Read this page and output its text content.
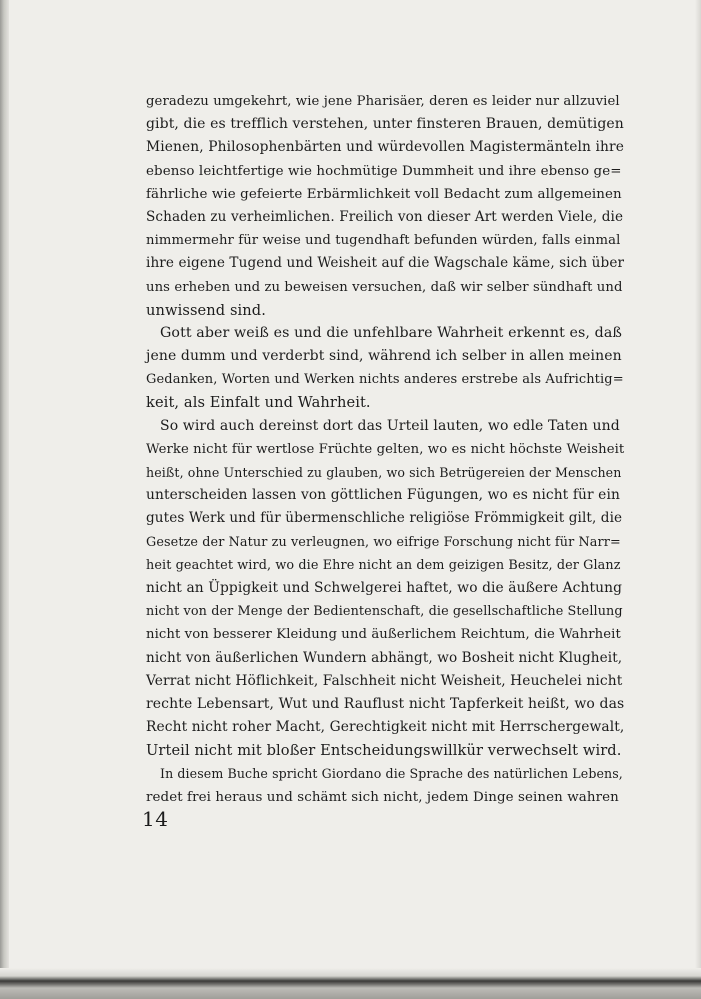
geradezu umgekehrt, wie jene Pharisäer, deren es leider nur allzuviel
gibt, die es trefflich verstehen, unter finsteren Brauen, demütigen
Mienen, Philosophenbärten und würdevollen Magistermänteln ihre
ebenso leichtfertige wie hochmütige Dummheit und ihre ebenso ge=
fährliche wie gefeierte Erbärmlichkeit voll Bedacht zum allgemeinen
Schaden zu verheimlichen. Freilich von dieser Art werden Viele, die
nimmermehr für weise und tugendhaft befunden würden, falls einmal
ihre eigene Tugend und Weisheit auf die Wagschale käme, sich über
uns erheben und zu beweisen versuchen, daß wir selber sündhaft und
unwissend sind.
Gott aber weiß es und die unfehlbare Wahrheit erkennt es, daß
jene dumm und verderbt sind, während ich selber in allen meinen
Gedanken, Worten und Werken nichts anderes erstrebe als Aufrichtig=
keit, als Einfalt und Wahrheit.
So wird auch dereinst dort das Urteil lauten, wo edle Taten und
Werke nicht für wertlose Früchte gelten, wo es nicht höchste Weisheit
heißt, ohne Unterschied zu glauben, wo sich Betrügereien der Menschen
unterscheiden lassen von göttlichen Fügungen, wo es nicht für ein
gutes Werk und für übermenschliche religiöse Frömmigkeit gilt, die
Gesetze der Natur zu verleugnen, wo eifrige Forschung nicht für Narr=
heit geachtet wird, wo die Ehre nicht an dem geizigen Besitz, der Glanz
nicht an Üppigkeit und Schwelgerei haftet, wo die äußere Achtung
nicht von der Menge der Bedientenschaft, die gesellschaftliche Stellung
nicht von besserer Kleidung und äußerlichem Reichtum, die Wahrheit
nicht von äußerlichen Wundern abhängt, wo Bosheit nicht Klugheit,
Verrat nicht Höflichkeit, Falschheit nicht Weisheit, Heuchelei nicht
rechte Lebensart, Wut und Rauflust nicht Tapferkeit heißt, wo das
Recht nicht roher Macht, Gerechtigkeit nicht mit Herrschergewalt,
Urteil nicht mit bloßer Entscheidungswillkür verwechselt wird.
In diesem Buche spricht Giordano die Sprache des natürlichen Lebens,
redet frei heraus und schämt sich nicht, jedem Dinge seinen wahren
14
